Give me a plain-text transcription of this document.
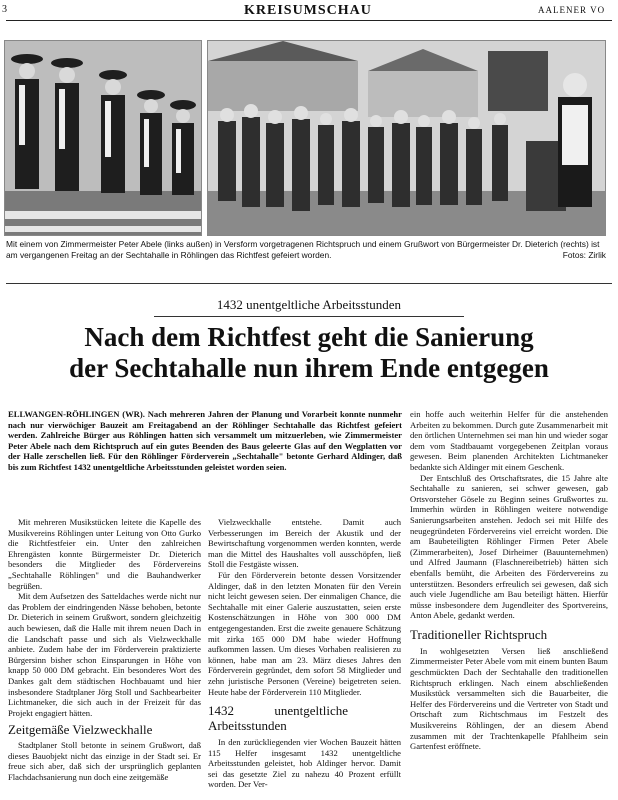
3	KREISUMSCHAU	AALENER VO
Mit einem von Zimmermeister Peter Abele (links außen) in Versform vorgetragenen Richtspruch und einem Grußwort von Bürgermeister Dr. Dieterich (rechts) ist am vergangenen Freitag an der Sechtahalle in Röhlingen das Richtfest gefeiert worden.	Fotos: Zirlik
1432 unentgeltliche Arbeitsstunden
Nach dem Richtfest geht die Sanierung
der Sechtahalle nun ihrem Ende entgegen
ELLWANGEN-RÖHLINGEN (WR). Nach mehreren Jahren der Planung und Vorarbeit konnte nunmehr nach nur vierwöchiger Bauzeit am Freitagabend an der Röhlinger Sechtahalle das Richtfest gefeiert werden. Zahlreiche Bürger aus Röhlingen hatten sich versammelt um mitzuerleben, wie Zimmermeister Peter Abele nach dem Richtspruch auf ein gutes Beenden des Baus geleerte Glas auf den Wegplatten vor der Halle zerschellen ließ. Für den Röhlinger Förderverein „Sechtahalle" betonte Gerhard Aldinger, daß bis zum Richtfest 1432 unentgeltliche Arbeitsstunden geleistet worden seien.

Mit mehreren Musikstücken leitete die Kapelle des Musikvereins Röhlingen unter Leitung von Otto Gurko die Richtfestfeier ein. Unter den zahlreichen Ehrengästen konnte Bürgermeister Dr. Dieterich besonders die Mitglieder des Fördervereins „Sechtahalle Röhlingen" und die Bauhandwerker begrüßen.

Mit dem Aufsetzen des Satteldaches werde nicht nur das Problem der eindringenden Nässe behoben, betonte Dr. Dieterich in seinem Grußwort, sondern gleichzeitig auch bewiesen, daß die Halle mit ihrem neuen Dach in die Landschaft passe und sich als Vielzweckhalle anbiete. Zudem habe der im Förderverein praktizierte Bürgersinn bisher schon Einsparungen in Höhe von knapp 50 000 DM gebracht. Ein besonderes Wort des Dankes galt dem städtischen Hochbauamt und hier insbesondere Stadtplaner Jörg Stoll und Sachbearbeiter Lichtmaneker, die sich auch in der Freizeit für das Projekt engagiert hätten.

Zeitgemäße Vielzweckhalle

Stadtplaner Stoll betonte in seinem Grußwort, daß dieses Bauobjekt nicht das einzige in der Stadt sei. Er freue sich aber, daß sich der ursprünglich geplanten Flachdachsanierung nun doch eine zeitgemäße

Vielzweckhalle entstehe. Damit auch Verbesserungen im Bereich der Akustik und der Bewirtschaftung vorgenommen werden konnten, werde man die Mittel des Haushaltes voll ausschöpfen, ließ Stoll die Festgäste wissen.

Für den Förderverein betonte dessen Vorsitzender Aldinger, daß in den letzten Monaten für den Verein nicht leicht gewesen seien. Der einmaligen Chance, die Sechtahalle mit einer Galerie auszustatten, seien erste Kostenschätzungen in Höhe von 300 000 DM entgegengestanden. Erst die zweite genauere Schätzung mit zirka 165 000 DM habe wieder Hoffnung aufkommen lassen. Um dieses Vorhaben realisieren zu können, habe man am 23. März dieses Jahres den Förderverein gegründet, dem sofort 58 Mitglieder und zehn juristische Personen (Vereine) beigetreten seien. Heute habe der Förderverein 110 Mitglieder.

1432 unentgeltliche Arbeitsstunden

In den zurückliegenden vier Wochen Bauzeit hätten 115 Helfer insgesamt 1432 unentgeltliche Arbeitsstunden geleistet, hob Aldinger hervor. Damit sei das gesetzte Ziel zu nahezu 40 Prozent erfüllt worden. Der Ver-

ein hoffe auch weiterhin Helfer für die anstehenden Arbeiten zu bekommen. Durch gute Zusammenarbeit mit den örtlichen Unternehmen sei man hin und wieder sogar dem vom Stadtbauamt vorgegebenen Zeitplan voraus gewesen. Beim planenden Architekten Lichtmaneker bedankte sich Aldinger mit einem Geschenk.

Der Entschluß des Ortschaftsrates, die 15 Jahre alte Sechtahalle zu sanieren, sei schwer gewesen, gab Ortsvorsteher Gösele zu Beginn seines Grußwortes zu. Immerhin würden in Röhlingen weitere notwendige Sanierungsarbeiten anstehen. Jedoch sei mit Hilfe des neugegründeten Fördervereins viel erreicht worden. Die am Baubeteiligten Röhlinger Firmen Peter Abele (Zimmerarbeiten), Josef Dirheimer (Bauunternehmen) und Alfred Jaumann (Flaschnereibetrieb) hätten sich ebenfalls bemüht, die Arbeiten des Fördervereins zu unterstützen. Besonders erfreulich sei gewesen, daß sich auch viele Jugendliche am Bau beteiligt hätten. Hierfür müsse insbesondere dem Jugendleiter des Sportvereins, Anton Abele, gedankt werden.

Traditioneller Richtspruch

In wohlgesetzten Versen ließ anschließend Zimmermeister Peter Abele vom mit einem bunten Baum geschmückten Dach der Sechtahalle den traditionellen Richtspruch erklingen. Nach einem abschließenden Musikstück versammelten sich die Bauarbeiter, die Helfer des Fördervereins und die Vertreter von Stadt und Ortschaft zum Richtschmaus im Festzelt des Musikvereins Röhlingen, der an diesem Abend zusammen mit der Trachtenkapelle Pfahlheim sein Gartenfest eröffnete.
